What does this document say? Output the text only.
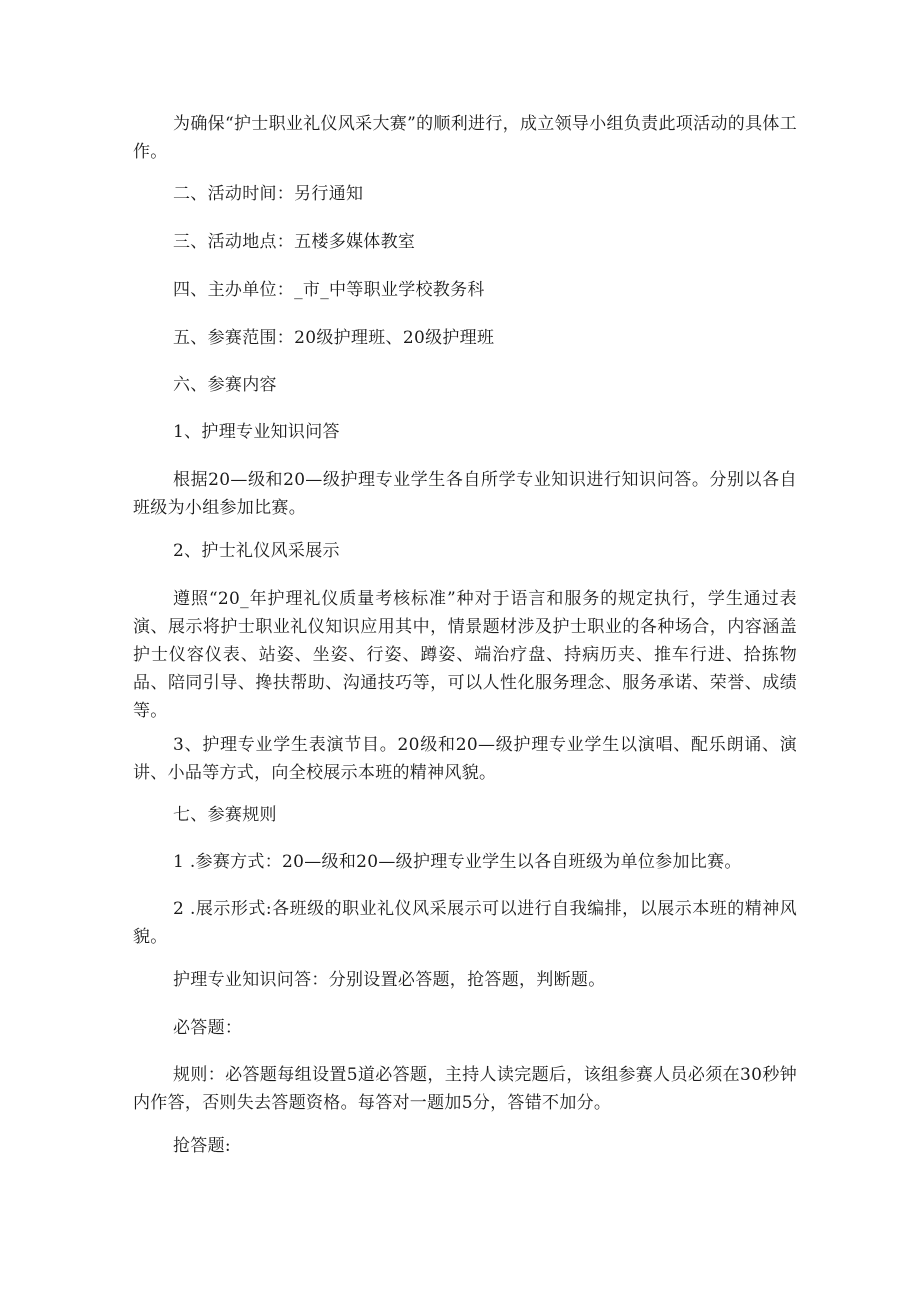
为确保“护士职业礼仪风采大赛”的顺利进行，成立领导小组负责此项活动的具体工作。

二、活动时间：另行通知

三、活动地点：五楼多媒体教室

四、主办单位：_市_中等职业学校教务科

五、参赛范围：20级护理班、20级护理班

六、参赛内容

1、护理专业知识问答

根据20—级和20—级护理专业学生各自所学专业知识进行知识问答。分别以各自班级为小组参加比赛。

2、护士礼仪风采展示

遵照“20_年护理礼仪质量考核标准”种对于语言和服务的规定执行，学生通过表演、展示将护士职业礼仪知识应用其中，情景题材涉及护士职业的各种场合，内容涵盖护士仪容仪表、站姿、坐姿、行姿、蹲姿、端治疗盘、持病历夹、推车行进、拾拣物品、陪同引导、搀扶帮助、沟通技巧等，可以人性化服务理念、服务承诺、荣誉、成绩等。

3、护理专业学生表演节目。20级和20—级护理专业学生以演唱、配乐朗诵、演讲、小品等方式，向全校展示本班的精神风貌。

七、参赛规则

1 .参赛方式：20—级和20—级护理专业学生以各自班级为单位参加比赛。

2 .展示形式:各班级的职业礼仪风采展示可以进行自我编排，以展示本班的精神风貌。

护理专业知识问答：分别设置必答题，抢答题，判断题。

必答题：

规则：必答题每组设置5道必答题，主持人读完题后，该组参赛人员必须在30秒钟内作答，否则失去答题资格。每答对一题加5分，答错不加分。

抢答题:
